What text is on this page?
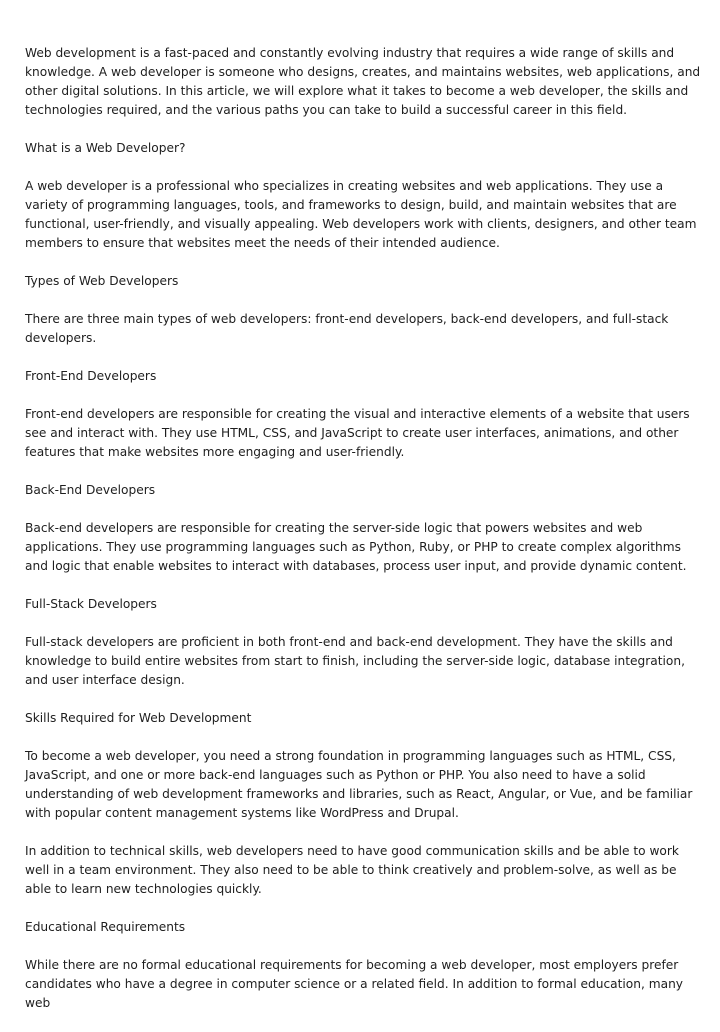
Web development is a fast-paced and constantly evolving industry that requires a wide range of skills and knowledge. A web developer is someone who designs, creates, and maintains websites, web applications, and other digital solutions. In this article, we will explore what it takes to become a web developer, the skills and technologies required, and the various paths you can take to build a successful career in this field.

What is a Web Developer?

A web developer is a professional who specializes in creating websites and web applications. They use a variety of programming languages, tools, and frameworks to design, build, and maintain websites that are functional, user-friendly, and visually appealing. Web developers work with clients, designers, and other team members to ensure that websites meet the needs of their intended audience.

Types of Web Developers

There are three main types of web developers: front-end developers, back-end developers, and full-stack developers.

Front-End Developers

Front-end developers are responsible for creating the visual and interactive elements of a website that users see and interact with. They use HTML, CSS, and JavaScript to create user interfaces, animations, and other features that make websites more engaging and user-friendly.

Back-End Developers

Back-end developers are responsible for creating the server-side logic that powers websites and web applications. They use programming languages such as Python, Ruby, or PHP to create complex algorithms and logic that enable websites to interact with databases, process user input, and provide dynamic content.

Full-Stack Developers

Full-stack developers are proficient in both front-end and back-end development. They have the skills and knowledge to build entire websites from start to finish, including the server-side logic, database integration, and user interface design.

Skills Required for Web Development

To become a web developer, you need a strong foundation in programming languages such as HTML, CSS, JavaScript, and one or more back-end languages such as Python or PHP. You also need to have a solid understanding of web development frameworks and libraries, such as React, Angular, or Vue, and be familiar with popular content management systems like WordPress and Drupal.

In addition to technical skills, web developers need to have good communication skills and be able to work well in a team environment. They also need to be able to think creatively and problem-solve, as well as be able to learn new technologies quickly.

Educational Requirements

While there are no formal educational requirements for becoming a web developer, most employers prefer candidates who have a degree in computer science or a related field. In addition to formal education, many web
